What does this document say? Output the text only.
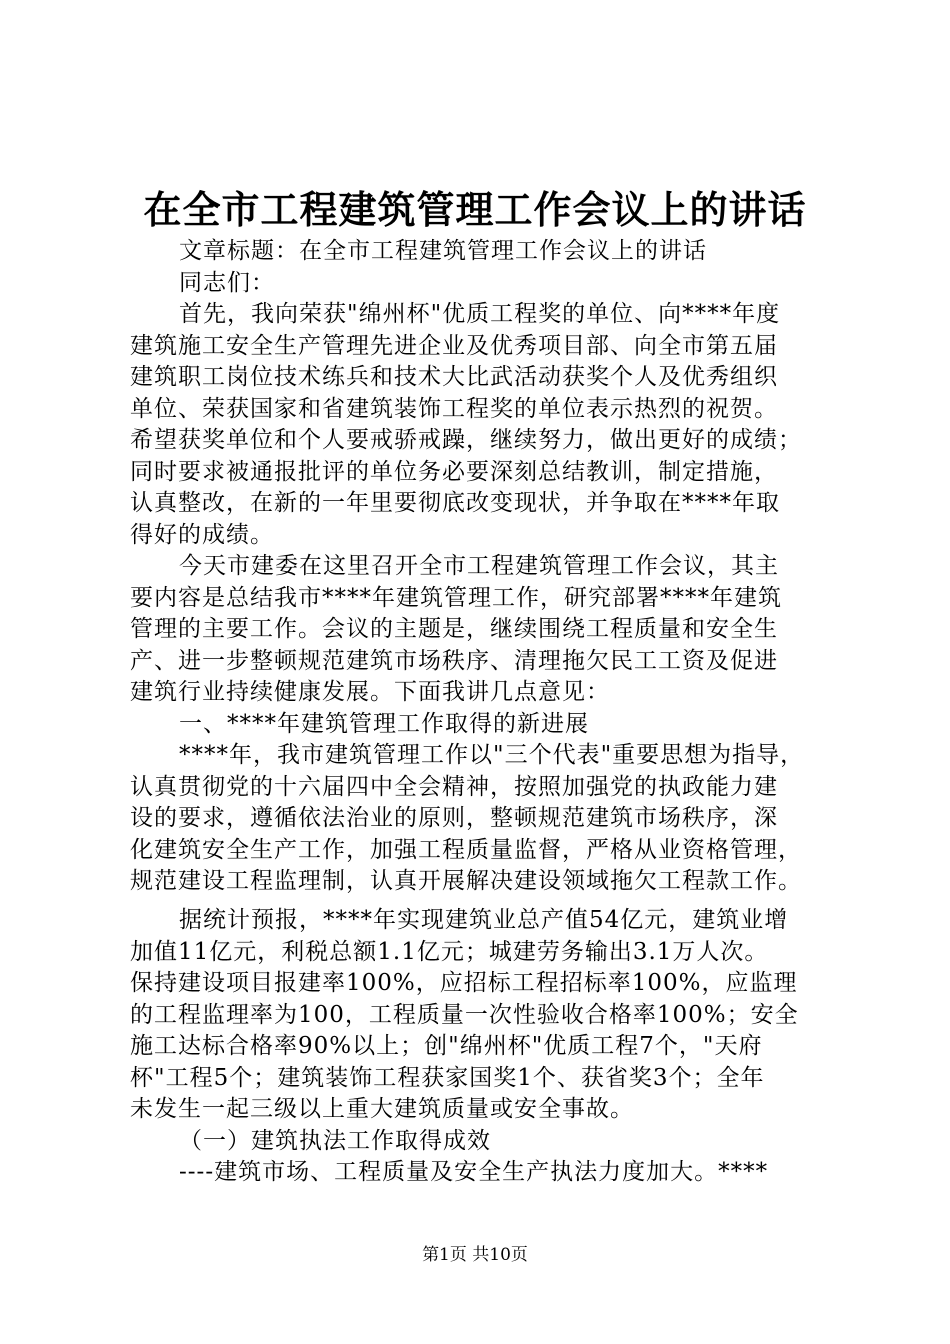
在全市工程建筑管理工作会议上的讲话
文章标题：在全市工程建筑管理工作会议上的讲话
同志们：
首先，我向荣获"绵州杯"优质工程奖的单位、向****年度
建筑施工安全生产管理先进企业及优秀项目部、向全市第五届
建筑职工岗位技术练兵和技术大比武活动获奖个人及优秀组织
单位、荣获国家和省建筑装饰工程奖的单位表示热烈的祝贺。
希望获奖单位和个人要戒骄戒躁，继续努力，做出更好的成绩；
同时要求被通报批评的单位务必要深刻总结教训，制定措施，
认真整改，在新的一年里要彻底改变现状，并争取在****年取
得好的成绩。
今天市建委在这里召开全市工程建筑管理工作会议，其主
要内容是总结我市****年建筑管理工作，研究部署****年建筑
管理的主要工作。会议的主题是，继续围绕工程质量和安全生
产、进一步整顿规范建筑市场秩序、清理拖欠民工工资及促进
建筑行业持续健康发展。下面我讲几点意见：
一、****年建筑管理工作取得的新进展
****年，我市建筑管理工作以"三个代表"重要思想为指导，
认真贯彻党的十六届四中全会精神，按照加强党的执政能力建
设的要求，遵循依法治业的原则，整顿规范建筑市场秩序，深
化建筑安全生产工作，加强工程质量监督，严格从业资格管理，
规范建设工程监理制，认真开展解决建设领域拖欠工程款工作。
据统计预报，****年实现建筑业总产值54亿元，建筑业增
加值11亿元，利税总额1.1亿元；城建劳务输出3.1万人次。
保持建设项目报建率100%，应招标工程招标率100%，应监理
的工程监理率为100，工程质量一次性验收合格率100%；安全
施工达标合格率90%以上；创"绵州杯"优质工程7个，"天府
杯"工程5个；建筑装饰工程获家国奖1个、获省奖3个；全年
未发生一起三级以上重大建筑质量或安全事故。
（一）建筑执法工作取得成效
----建筑市场、工程质量及安全生产执法力度加大。****
第1页 共10页
